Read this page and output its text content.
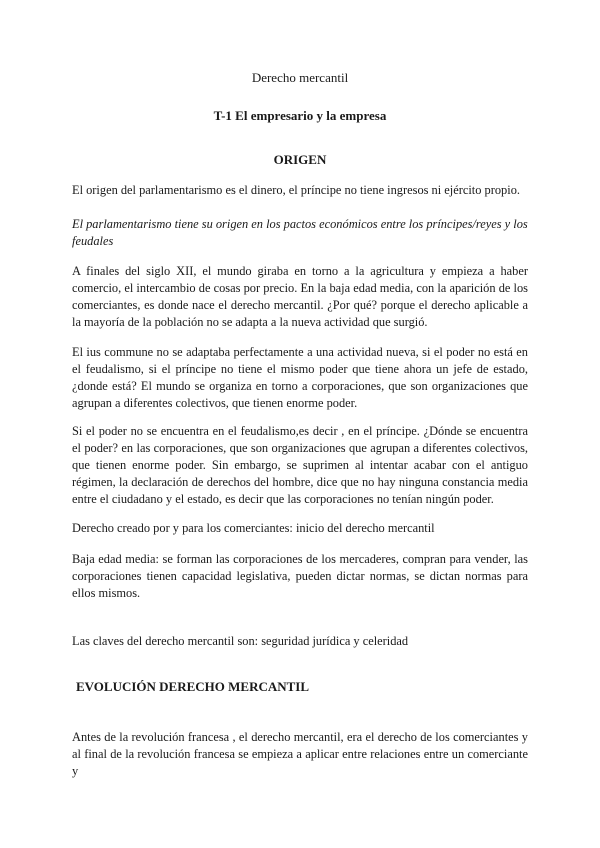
Derecho mercantil
T-1 El empresario y la empresa
ORIGEN

El origen del parlamentarismo es el dinero, el príncipe no tiene ingresos ni ejército propio.

El parlamentarismo tiene su origen en los pactos económicos entre los príncipes/reyes y los feudales

A finales del siglo XII, el mundo giraba en torno a la agricultura y empieza a haber comercio, el intercambio de cosas por precio. En la baja edad media, con la aparición de los comerciantes, es donde nace el derecho mercantil. ¿Por qué? porque el derecho aplicable a la mayoría de la población no se adapta a la nueva actividad que surgió.

El ius commune no se adaptaba perfectamente a una actividad nueva, si el poder no está en el feudalismo, si el príncipe no tiene el mismo poder que tiene ahora un jefe de estado, ¿donde está? El mundo se organiza en torno a corporaciones, que son organizaciones que agrupan a diferentes colectivos, que tienen enorme poder.

Si el poder no se encuentra en el feudalismo,es decir , en el príncipe. ¿Dónde se encuentra el poder? en las corporaciones, que son organizaciones que agrupan a diferentes colectivos, que tienen enorme poder. Sin embargo, se suprimen al intentar acabar con el antiguo régimen, la declaración de derechos del hombre, dice que no hay ninguna constancia media entre el ciudadano y el estado, es decir que las corporaciones no tenían ningún poder.

Derecho creado por y para los comerciantes: inicio del derecho mercantil

Baja edad media: se forman las corporaciones de los mercaderes, compran para vender, las corporaciones tienen capacidad legislativa, pueden dictar normas, se dictan normas para ellos mismos.

Las claves del derecho mercantil son: seguridad jurídica y celeridad

EVOLUCIÓN DERECHO MERCANTIL

Antes de la revolución francesa , el derecho mercantil, era el derecho de los comerciantes y al final de la revolución francesa se empieza a aplicar entre relaciones entre un comerciante y
